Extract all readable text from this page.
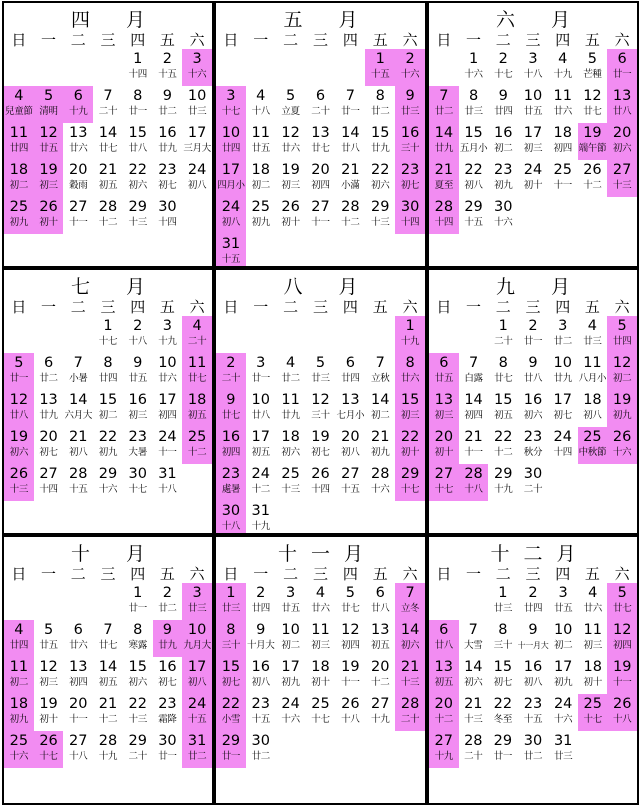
四 月
日 一 二 三 四 五 六
1
十四
2
十五
3
十六
4
兒童節
5
清明
6
十九
7
二十
8
廿一
9
廿二
10
廿三
11
廿四
12
廿五
13
廿六
14
廿七
15
廿八
16
廿九
17
三月大
18
初二
19
初三
20
穀雨
21
初五
22
初六
23
初七
24
初八
25
初九
26
初十
27
十一
28
十二
29
十三
30
十四
五 月
日 一 二 三 四 五 六
1
十五
2
十六
3
十七
4
十八
5
立夏
6
二十
7
廿一
8
廿二
9
廿三
10
廿四
11
廿五
12
廿六
13
廿七
14
廿八
15
廿九
16
三十
17
四月小
18
初二
19
初三
20
初四
21
小滿
22
初六
23
初七
24
初八
25
初九
26
初十
27
十一
28
十二
29
十三
30
十四
31
十五
六 月
日 一 二 三 四 五 六
1
十六
2
十七
3
十八
4
十九
5
芒種
6
廿一
7
廿二
8
廿三
9
廿四
10
廿五
11
廿六
12
廿七
13
廿八
14
廿九
15
五月小
16
初二
17
初三
18
初四
19
端午節
20
初六
21
夏至
22
初八
23
初九
24
初十
25
十一
26
十二
27
十三
28
十四
29
十五
30
十六
七 月
日 一 二 三 四 五 六
1
十七
2
十八
3
十九
4
二十
5
廿一
6
廿二
7
小暑
8
廿四
9
廿五
10
廿六
11
廿七
12
廿八
13
廿九
14
六月大
15
初二
16
初三
17
初四
18
初五
19
初六
20
初七
21
初八
22
初九
23
大暑
24
十一
25
十二
26
十三
27
十四
28
十五
29
十六
30
十七
31
十八
八 月
日 一 二 三 四 五 六
1
十九
2
二十
3
廿一
4
廿二
5
廿三
6
廿四
7
立秋
8
廿六
9
廿七
10
廿八
11
廿九
12
三十
13
七月小
14
初二
15
初三
16
初四
17
初五
18
初六
19
初七
20
初八
21
初九
22
初十
23
處暑
24
十二
25
十三
26
十四
27
十五
28
十六
29
十七
30
十八
31
十九
九 月
日 一 二 三 四 五 六
1
二十
2
廿一
3
廿二
4
廿三
5
廿四
6
廿五
7
白露
8
廿七
9
廿八
10
廿九
11
八月小
12
初二
13
初三
14
初四
15
初五
16
初六
17
初七
18
初八
19
初九
20
初十
21
十一
22
十二
23
秋分
24
十四
25
中秋節
26
十六
27
十七
28
十八
29
十九
30
二十
十 月
日 一 二 三 四 五 六
1
廿一
2
廿二
3
廿三
4
廿四
5
廿五
6
廿六
7
廿七
8
寒露
9
廿九
10
九月大
11
初二
12
初三
13
初四
14
初五
15
初六
16
初七
17
初八
18
初九
19
初十
20
十一
21
十二
22
十三
23
霜降
24
十五
25
十六
26
十七
27
十八
28
十九
29
二十
30
廿一
31
廿二
十 一 月
日 一 二 三 四 五 六
1
廿三
2
廿四
3
廿五
4
廿六
5
廿七
6
廿八
7
立冬
8
三十
9
十月大
10
初二
11
初三
12
初四
13
初五
14
初六
15
初七
16
初八
17
初九
18
初十
19
十一
20
十二
21
十三
22
小雪
23
十五
24
十六
25
十七
26
十八
27
十九
28
二十
29
廿一
30
廿二
十 二 月
日 一 二 三 四 五 六
1
廿三
2
廿四
3
廿五
4
廿六
5
廿七
6
廿八
7
大雪
8
三十
9
十一月大
10
初二
11
初三
12
初四
13
初五
14
初六
15
初七
16
初八
17
初九
18
初十
19
十一
20
十二
21
十三
22
冬至
23
十五
24
十六
25
十七
26
十八
27
十九
28
二十
29
廿一
30
廿二
31
廿三
